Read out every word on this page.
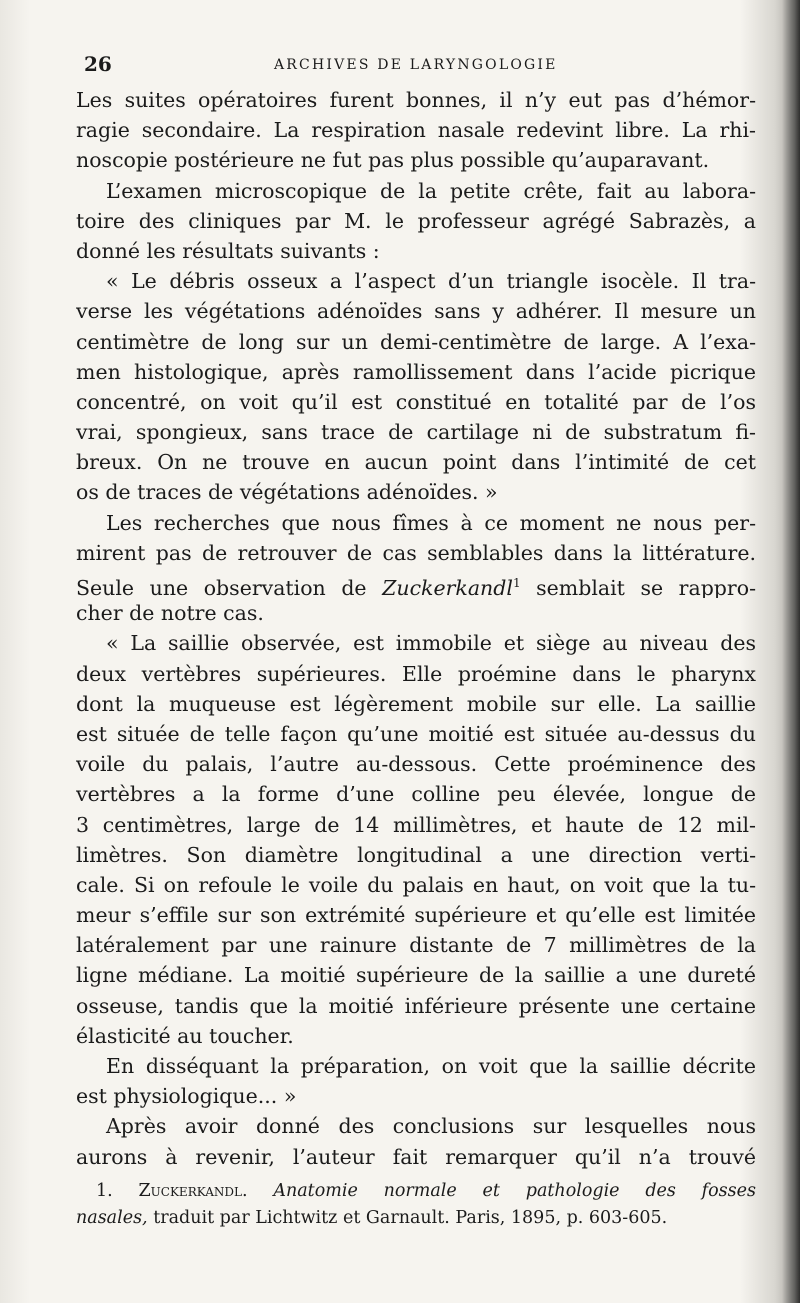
26	ARCHIVES DE LARYNGOLOGIE
Les suites opératoires furent bonnes, il n’y eut pas d’hémor-
ragie secondaire. La respiration nasale redevint libre. La rhi-
noscopie postérieure ne fut pas plus possible qu’auparavant.
L’examen microscopique de la petite crête, fait au labora-
toire des cliniques par M. le professeur agrégé Sabrazès, a
donné les résultats suivants :
« Le débris osseux a l’aspect d’un triangle isocèle. Il tra-
verse les végétations adénoïdes sans y adhérer. Il mesure un
centimètre de long sur un demi-centimètre de large. A l’exa-
men histologique, après ramollissement dans l’acide picrique
concentré, on voit qu’il est constitué en totalité par de l’os
vrai, spongieux, sans trace de cartilage ni de substratum fi-
breux. On ne trouve en aucun point dans l’intimité de cet
os de traces de végétations adénoïdes. »
Les recherches que nous fîmes à ce moment ne nous per-
mirent pas de retrouver de cas semblables dans la littérature.
Seule une observation de Zuckerkandl$^1$ semblait se rappro-
cher de notre cas.
« La saillie observée, est immobile et siège au niveau des
deux vertèbres supérieures. Elle proémine dans le pharynx
dont la muqueuse est légèrement mobile sur elle. La saillie
est située de telle façon qu’une moitié est située au-dessus du
voile du palais, l’autre au-dessous. Cette proéminence des
vertèbres a la forme d’une colline peu élevée, longue de
3 centimètres, large de 14 millimètres, et haute de 12 mil-
limètres. Son diamètre longitudinal a une direction verti-
cale. Si on refoule le voile du palais en haut, on voit que la tu-
meur s’effile sur son extrémité supérieure et qu’elle est limitée
latéralement par une rainure distante de 7 millimètres de la
ligne médiane. La moitié supérieure de la saillie a une dureté
osseuse, tandis que la moitié inférieure présente une certaine
élasticité au toucher.
En disséquant la préparation, on voit que la saillie décrite
est physiologique... »
Après avoir donné des conclusions sur lesquelles nous
aurons à revenir, l’auteur fait remarquer qu’il n’a trouvé
1. Zuckerkandl. Anatomie normale et pathologie des fosses
nasales, traduit par Lichtwitz et Garnault. Paris, 1895, p. 603-605.
